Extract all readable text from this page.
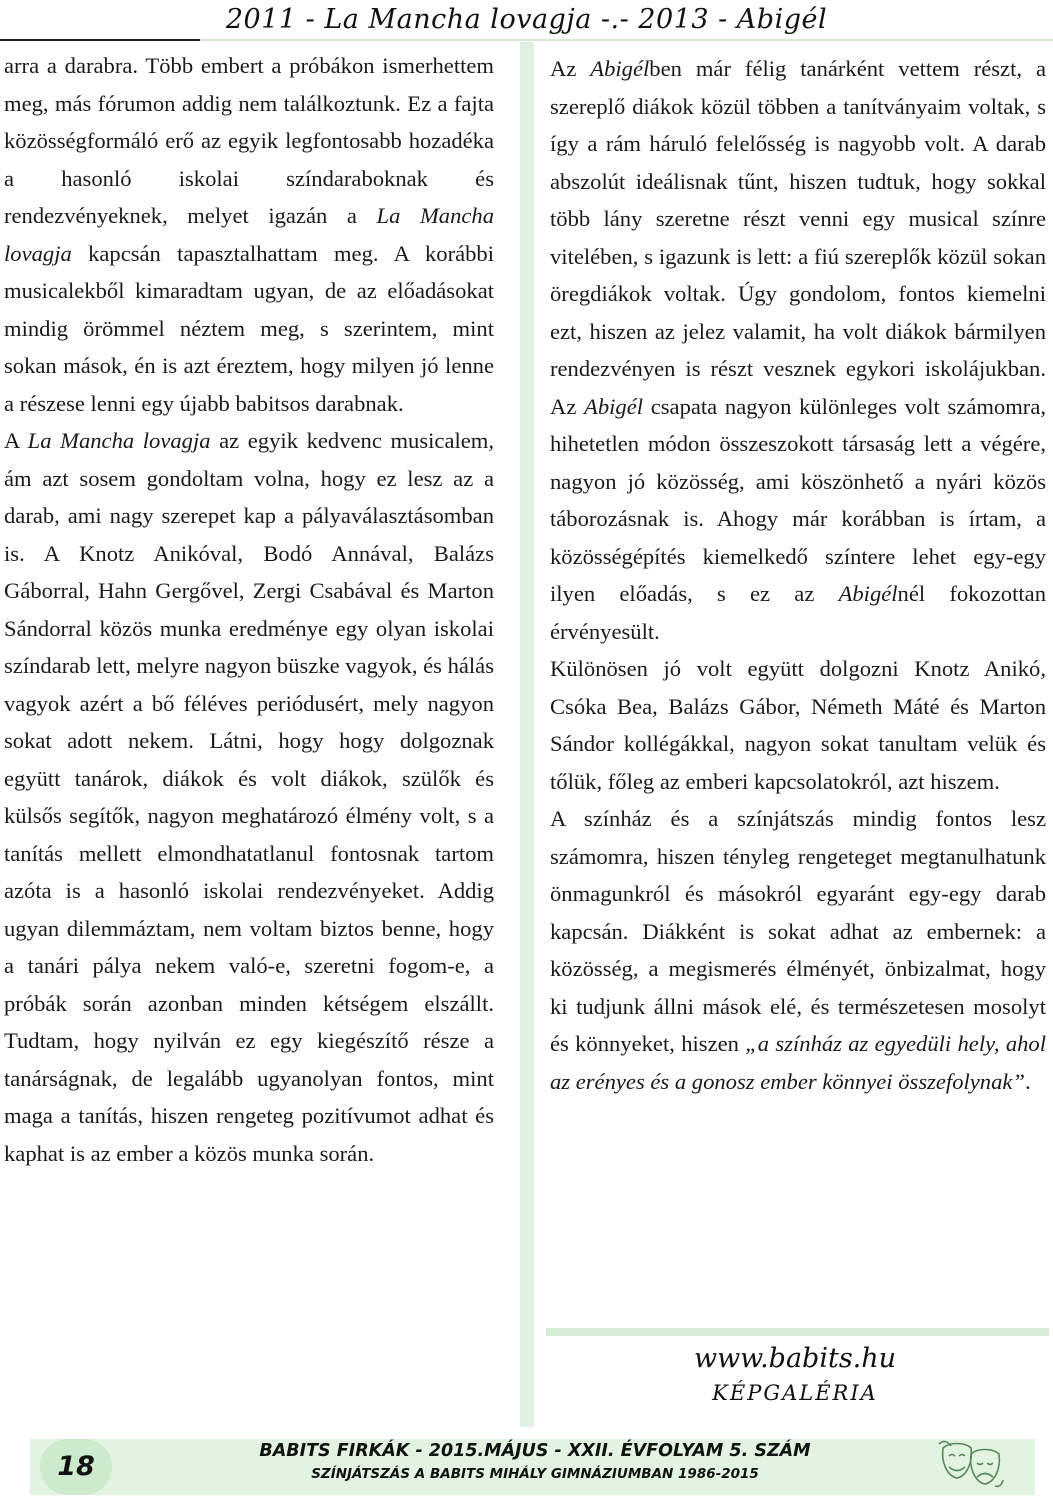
2011 - La Mancha lovagja -.- 2013 - Abigél

arra a darabra. Több embert a próbákon ismerhettem meg, más fórumon addig nem találkoztunk. Ez a fajta közösségformáló erő az egyik legfontosabb hozadéka a hasonló iskolai színdaraboknak és rendezvényeknek, melyet igazán a La Mancha lovagja kapcsán tapasztalhattam meg. A korábbi musicalekből kimaradtam ugyan, de az előadásokat mindig örömmel néztem meg, s szerintem, mint sokan mások, én is azt éreztem, hogy milyen jó lenne a részese lenni egy újabb babitsos darabnak.

A La Mancha lovagja az egyik kedvenc musicalem, ám azt sosem gondoltam volna, hogy ez lesz az a darab, ami nagy szerepet kap a pályaválasztásomban is. A Knotz Anikóval, Bodó Annával, Balázs Gáborral, Hahn Gergővel, Zergi Csabával és Marton Sándorral közös munka eredménye egy olyan iskolai színdarab lett, melyre nagyon büszke vagyok, és hálás vagyok azért a bő féléves periódusért, mely nagyon sokat adott nekem. Látni, hogy hogy dolgoznak együtt tanárok, diákok és volt diákok, szülők és külsős segítők, nagyon meghatározó élmény volt, s a tanítás mellett elmondhatatlanul fontosnak tartom azóta is a hasonló iskolai rendezvényeket. Addig ugyan dilemmáztam, nem voltam biztos benne, hogy a tanári pálya nekem való-e, szeretni fogom-e, a próbák során azonban minden kétségem elszállt. Tudtam, hogy nyilván ez egy kiegészítő része a tanárságnak, de legalább ugyanolyan fontos, mint maga a tanítás, hiszen rengeteg pozitívumot adhat és kaphat is az ember a közös munka során.

Az Abigélben már félig tanárként vettem részt, a szereplő diákok közül többen a tanítványaim voltak, s így a rám háruló felelősség is nagyobb volt. A darab abszolút ideálisnak tűnt, hiszen tudtuk, hogy sokkal több lány szeretne részt venni egy musical színre vitelében, s igazunk is lett: a fiú szereplők közül sokan öregdiákok voltak. Úgy gondolom, fontos kiemelni ezt, hiszen az jelez valamit, ha volt diákok bármilyen rendezvényen is részt vesznek egykori iskolájukban. Az Abigél csapata nagyon különleges volt számomra, hihetetlen módon összeszokott társaság lett a végére, nagyon jó közösség, ami köszönhető a nyári közös táborozásnak is. Ahogy már korábban is írtam, a közösségépítés kiemelkedő színtere lehet egy-egy ilyen előadás, s ez az Abigélnél fokozottan érvényesült.

Különösen jó volt együtt dolgozni Knotz Anikó, Csóka Bea, Balázs Gábor, Németh Máté és Marton Sándor kollégákkal, nagyon sokat tanultam velük és tőlük, főleg az emberi kapcsolatokról, azt hiszem.

A színház és a színjátszás mindig fontos lesz számomra, hiszen tényleg rengeteget megtanulhatunk önmagunkról és másokról egyaránt egy-egy darab kapcsán. Diákként is sokat adhat az embernek: a közösség, a megismerés élményét, önbizalmat, hogy ki tudjunk állni mások elé, és természetesen mosolyt és könnyeket, hiszen „a színház az egyedüli hely, ahol az erényes és a gonosz ember könnyei összefolynak”.

www.babits.hu
KÉPGALÉRIA
18	BABITS FIRKÁK - 2015.MÁJUS - XXII. ÉVFOLYAM 5. SZÁM
SZÍNJÁTSZÁS A BABITS MIHÁLY GIMNÁZIUMBAN 1986-2015
